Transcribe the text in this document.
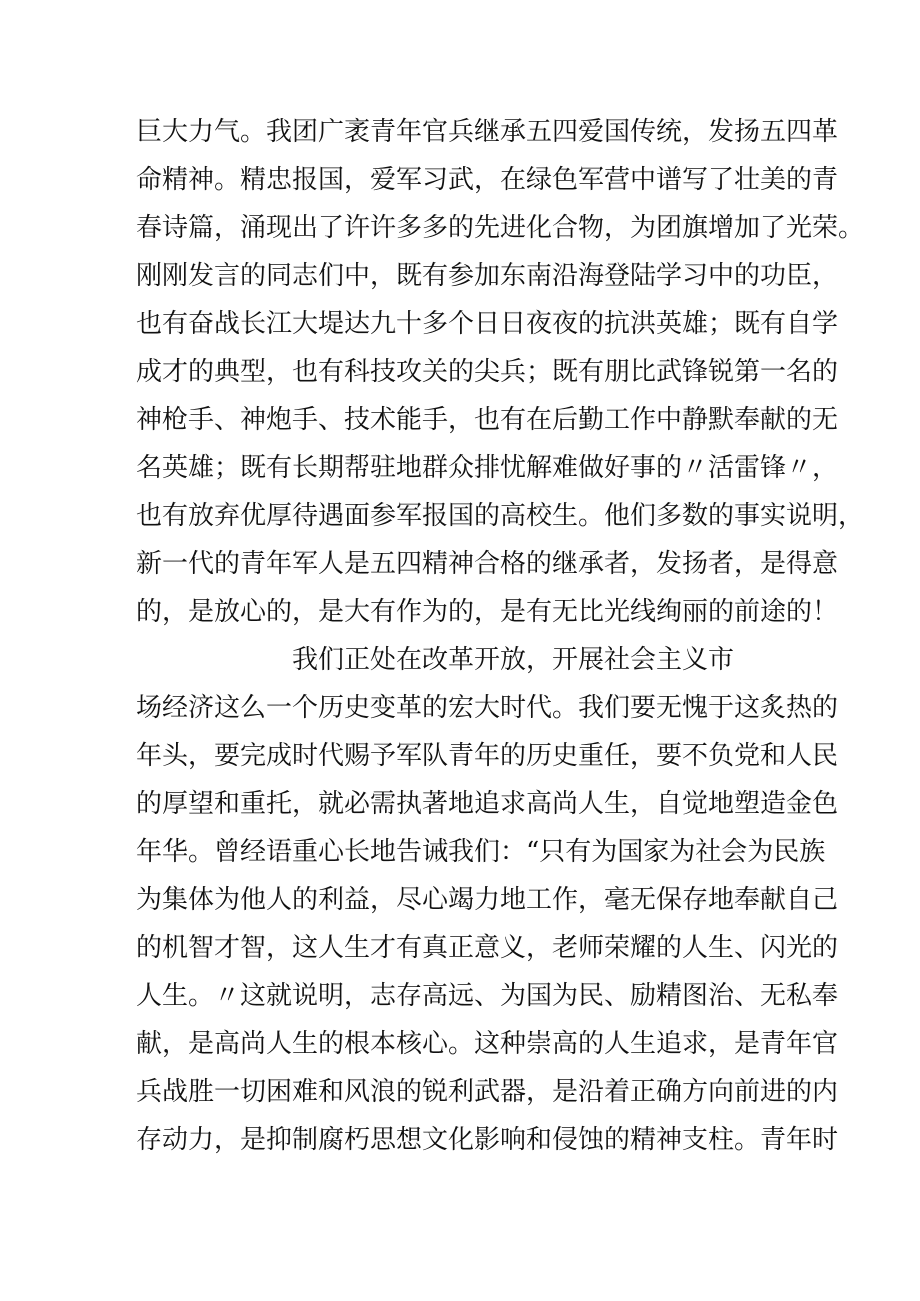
巨大力气。我团广袤青年官兵继承五四爱国传统，发扬五四革
命精神。精忠报国，爱军习武，在绿色军营中谱写了壮美的青
春诗篇，涌现出了许许多多的先进化合物，为团旗增加了光荣。
刚刚发言的同志们中，既有参加东南沿海登陆学习中的功臣，
也有奋战长江大堤达九十多个日日夜夜的抗洪英雄；既有自学
成才的典型，也有科技攻关的尖兵；既有朋比武锋锐第一名的
神枪手、神炮手、技术能手，也有在后勤工作中静默奉献的无
名英雄；既有长期帮驻地群众排忧解难做好事的〃活雷锋〃，
也有放弃优厚待遇面参军报国的高校生。他们多数的事实说明，
新一代的青年军人是五四精神合格的继承者，发扬者，是得意
的，是放心的，是大有作为的，是有无比光线绚丽的前途的！
我们正处在改革开放，开展社会主义市
场经济这么一个历史变革的宏大时代。我们要无愧于这炙热的
年头，要完成时代赐予军队青年的历史重任，要不负党和人民
的厚望和重托，就必需执著地追求高尚人生，自觉地塑造金色
年华。曾经语重心长地告诫我们：“只有为国家为社会为民族
为集体为他人的利益，尽心竭力地工作，毫无保存地奉献自己
的机智才智，这人生才有真正意义，老师荣耀的人生、闪光的
人生。〃这就说明，志存高远、为国为民、励精图治、无私奉
献，是高尚人生的根本核心。这种崇高的人生追求，是青年官
兵战胜一切困难和风浪的锐利武器，是沿着正确方向前进的内
存动力，是抑制腐朽思想文化影响和侵蚀的精神支柱。青年时
